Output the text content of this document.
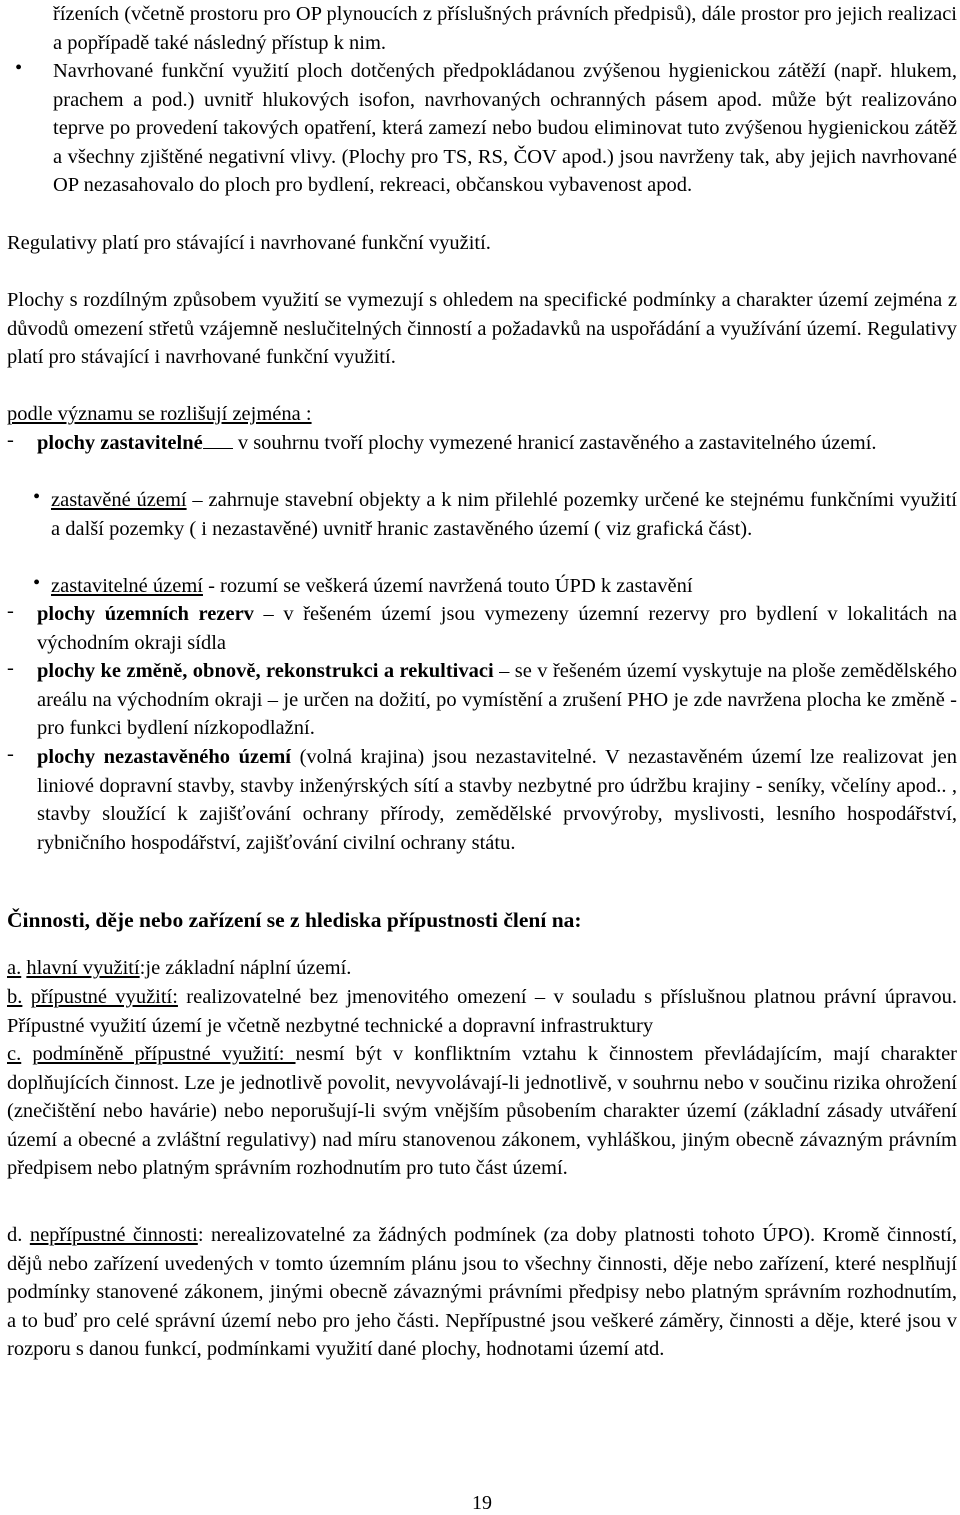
řízeních (včetně prostoru pro OP plynoucích z příslušných právních předpisů), dále prostor pro jejich realizaci a popřípadě také následný přístup k nim.
• Navrhované funkční využití ploch dotčených předpokládanou zvýšenou hygienickou zátěží (např. hlukem, prachem a pod.) uvnitř hlukových isofon, navrhovaných ochranných pásem apod. může být realizováno teprve po provedení takových opatření, která zamezí nebo budou eliminovat tuto zvýšenou hygienickou zátěž a všechny zjištěné negativní vlivy. (Plochy pro TS, RS, ČOV apod.) jsou navrženy tak, aby jejich navrhované OP nezasahovalo do ploch pro bydlení, rekreaci, občanskou vybavenost apod.
Regulativy platí pro stávající i navrhované funkční využití.
Plochy s rozdílným způsobem využití se vymezují s ohledem na specifické podmínky a charakter území zejména z důvodů omezení střetů vzájemně neslučitelných činností a požadavků na uspořádání a využívání území. Regulativy platí pro stávající i navrhované funkční využití.
podle významu se rozlišují zejména :
- plochy zastavitelné v souhrnu tvoří plochy vymezené hranicí zastavěného a zastavitelného území.
• zastavěné území – zahrnuje stavební objekty a k nim přilehlé pozemky určené ke stejnému funkčními využití a další pozemky ( i nezastavěné) uvnitř hranic zastavěného území ( viz grafická část).
• zastavitelné území - rozumí se veškerá území navržená touto ÚPD k zastavění
- plochy územních rezerv – v řešeném území jsou vymezeny územní rezervy pro bydlení v lokalitách na východním okraji sídla
- plochy ke změně, obnově, rekonstrukci a rekultivaci – se v řešeném území vyskytuje na ploše zemědělského areálu na východním okraji – je určen na dožití, po vymístění a zrušení PHO je zde navržena plocha ke změně - pro funkci bydlení nízkopodlažní.
- plochy nezastavěného území (volná krajina) jsou nezastavitelné. V nezastavěném území lze realizovat jen liniové dopravní stavby, stavby inženýrských sítí a stavby nezbytné pro údržbu krajiny - seníky, včelíny apod.. , stavby sloužící k zajišťování ochrany přírody, zemědělské prvovýroby, myslivosti, lesního hospodářství, rybničního hospodářství, zajišťování civilní ochrany státu.
Činnosti, děje nebo zařízení se z hlediska přípustnosti člení na:
a. hlavní využití:je základní náplní území.
b. přípustné využití: realizovatelné bez jmenovitého omezení – v souladu s příslušnou platnou právní úpravou. Přípustné využití území je včetně nezbytné technické a dopravní infrastruktury
c. podmíněně přípustné využití: nesmí být v konfliktním vztahu k činnostem převládajícím, mají charakter doplňujících činnost. Lze je jednotlivě povolit, nevyvolávají-li jednotlivě, v souhrnu nebo v součinu rizika ohrožení (znečištění nebo havárie) nebo neporušují-li svým vnějším působením charakter území (základní zásady utváření území a obecné a zvláštní regulativy) nad míru stanovenou zákonem, vyhláškou, jiným obecně závazným právním předpisem nebo platným správním rozhodnutím pro tuto část území.
d. nepřípustné činnosti: nerealizovatelné za žádných podmínek (za doby platnosti tohoto ÚPO). Kromě činností, dějů nebo zařízení uvedených v tomto územním plánu jsou to všechny činnosti, děje nebo zařízení, které nesplňují podmínky stanovené zákonem, jinými obecně závaznými právními předpisy nebo platným správním rozhodnutím, a to buď pro celé správní území nebo pro jeho části. Nepřípustné jsou veškeré záměry, činnosti a děje, které jsou v rozporu s danou funkcí, podmínkami využití dané plochy, hodnotami území atd.
19
